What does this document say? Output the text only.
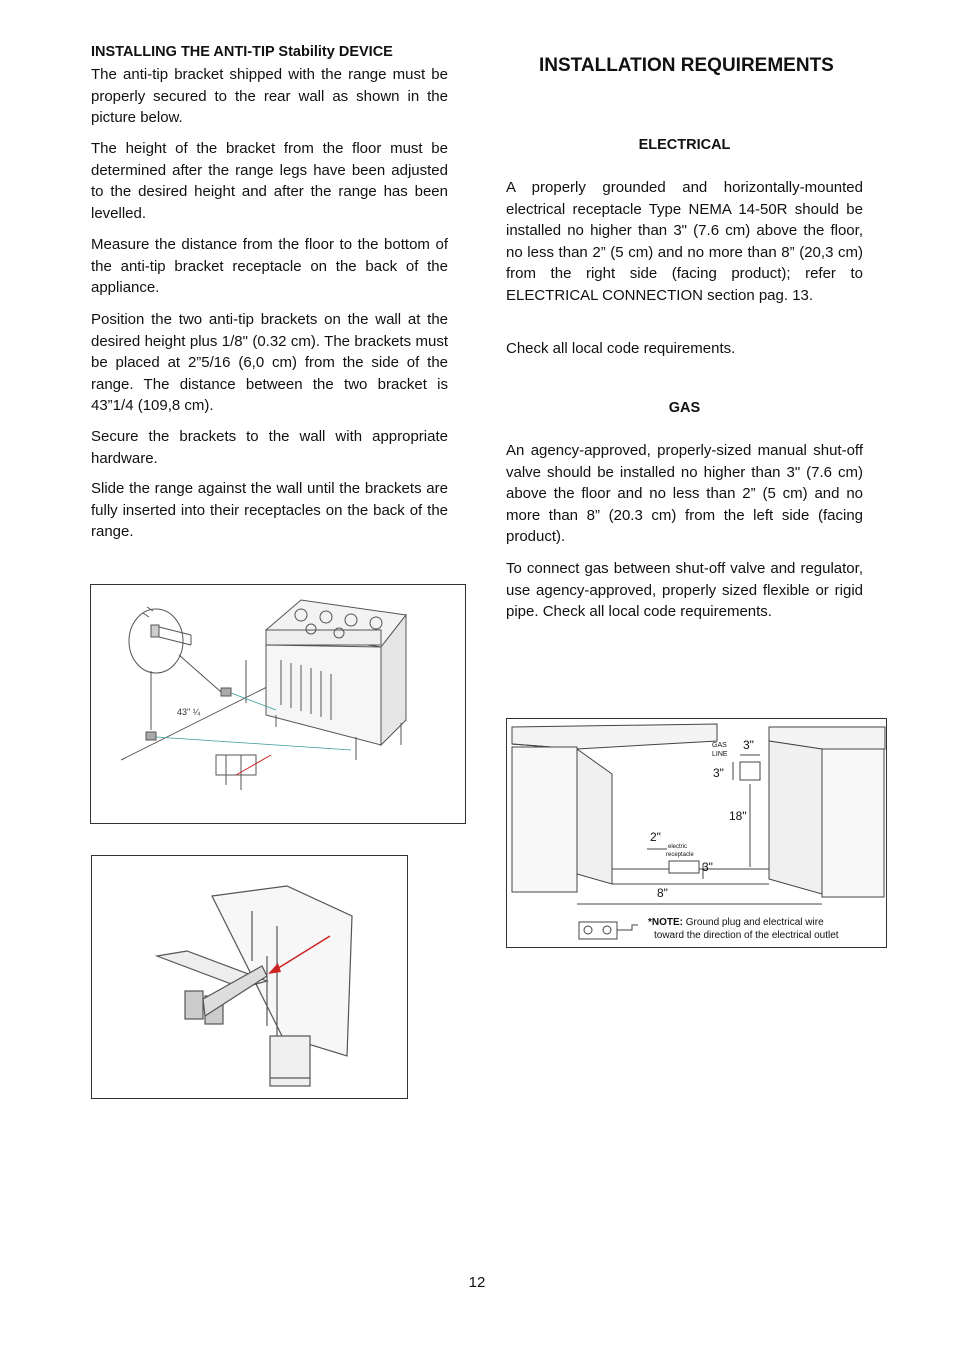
INSTALLING THE ANTI-TIP Stability DEVICE

The anti-tip bracket shipped with the range must be properly secured to the rear wall as shown in the picture below.

The height of the bracket from the floor must be determined after the range legs have been adjusted to the desired height and after the range has been levelled.

Measure the distance from the floor to the bottom of the anti-tip bracket receptacle on the back of the appliance.

Position the two anti-tip brackets on the wall at the desired height plus 1/8" (0.32 cm). The brackets must be placed at 2”5/16 (6,0 cm) from the side of the range. The distance between the two bracket is 43”1/4 (109,8 cm).

Secure the brackets to the wall with appropriate hardware.

Slide the range against the wall until the brackets are fully inserted into their receptacles on the back of the range.

43" ¼
INSTALLATION REQUIREMENTS
ELECTRICAL

A properly grounded and horizontally-mounted electrical receptacle Type NEMA 14-50R should be installed no higher than 3" (7.6 cm) above the floor, no less than 2” (5 cm) and no more than 8” (20,3 cm) from the right side (facing product); refer to ELECTRICAL CONNECTION section pag. 13.

Check all local code requirements.

GAS

An agency-approved, properly-sized manual shut-off valve should be installed no higher than 3" (7.6 cm) above the floor and no less than 2” (5 cm) and no more than 8” (20.3 cm) from the left side (facing product).

To connect gas between shut-off valve and regulator, use agency-approved, properly sized flexible or rigid pipe. Check all local code requirements.

GAS
LINE
3"
3"
18"
2"
electric
receptacle
3"
8"
*NOTE: Ground plug and electrical wire
toward the direction of the electrical outlet
12
